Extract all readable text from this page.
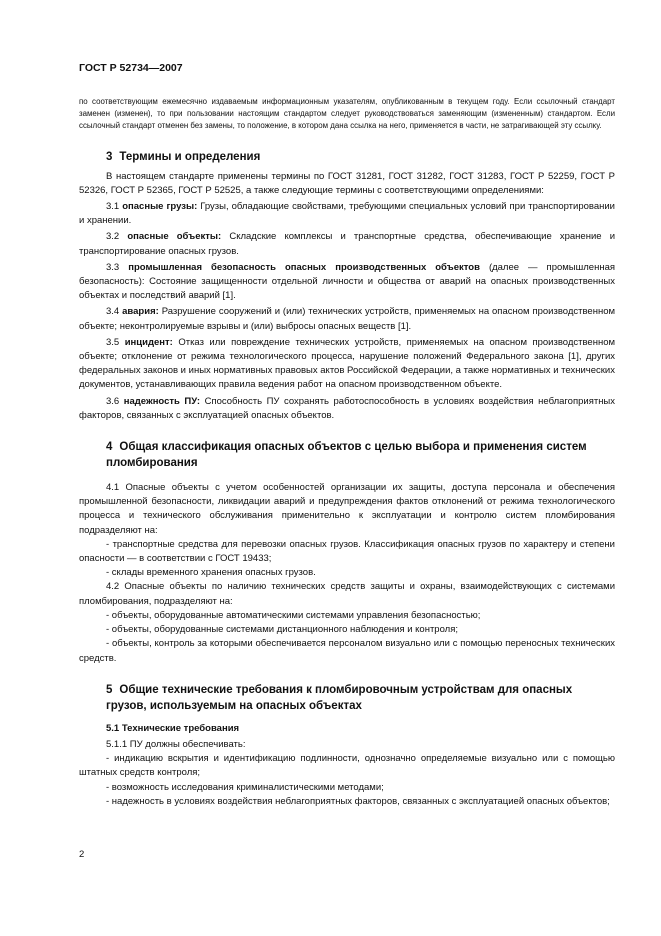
ГОСТ Р 52734—2007

по соответствующим ежемесячно издаваемым информационным указателям, опубликованным в текущем году. Если ссылочный стандарт заменен (изменен), то при пользовании настоящим стандартом следует руководствоваться заменяющим (измененным) стандартом. Если ссылочный стандарт отменен без замены, то положение, в котором дана ссылка на него, применяется в части, не затрагивающей эту ссылку.

3 Термины и определения

В настоящем стандарте применены термины по ГОСТ 31281, ГОСТ 31282, ГОСТ 31283, ГОСТ Р 52259, ГОСТ Р 52326, ГОСТ Р 52365, ГОСТ Р 52525, а также следующие термины с соответствующими определениями:

3.1 опасные грузы: Грузы, обладающие свойствами, требующими специальных условий при транспортировании и хранении.

3.2 опасные объекты: Складские комплексы и транспортные средства, обеспечивающие хранение и транспортирование опасных грузов.

3.3 промышленная безопасность опасных производственных объектов (далее — промышленная безопасность): Состояние защищенности отдельной личности и общества от аварий на опасных производственных объектах и последствий аварий [1].

3.4 авария: Разрушение сооружений и (или) технических устройств, применяемых на опасном производственном объекте; неконтролируемые взрывы и (или) выбросы опасных веществ [1].

3.5 инцидент: Отказ или повреждение технических устройств, применяемых на опасном производственном объекте; отклонение от режима технологического процесса, нарушение положений Федерального закона [1], других федеральных законов и иных нормативных правовых актов Российской Федерации, а также нормативных и технических документов, устанавливающих правила ведения работ на опасном производственном объекте.

3.6 надежность ПУ: Способность ПУ сохранять работоспособность в условиях воздействия неблагоприятных факторов, связанных с эксплуатацией опасных объектов.

4 Общая классификация опасных объектов с целью выбора и применения систем пломбирования

4.1 Опасные объекты с учетом особенностей организации их защиты, доступа персонала и обеспечения промышленной безопасности, ликвидации аварий и предупреждения фактов отклонений от режима технологического процесса и технического обслуживания применительно к эксплуатации и контролю систем пломбирования подразделяют на:

- транспортные средства для перевозки опасных грузов. Классификация опасных грузов по характеру и степени опасности — в соответствии с ГОСТ 19433;

- склады временного хранения опасных грузов.

4.2 Опасные объекты по наличию технических средств защиты и охраны, взаимодействующих с системами пломбирования, подразделяют на:

- объекты, оборудованные автоматическими системами управления безопасностью;

- объекты, оборудованные системами дистанционного наблюдения и контроля;

- объекты, контроль за которыми обеспечивается персоналом визуально или с помощью переносных технических средств.

5 Общие технические требования к пломбировочным устройствам для опасных грузов, используемым на опасных объектах
5.1 Технические требования

5.1.1 ПУ должны обеспечивать:

- индикацию вскрытия и идентификацию подлинности, однозначно определяемые визуально или с помощью штатных средств контроля;

- возможность исследования криминалистическими методами;

- надежность в условиях воздействия неблагоприятных факторов, связанных с эксплуатацией опасных объектов;

2
